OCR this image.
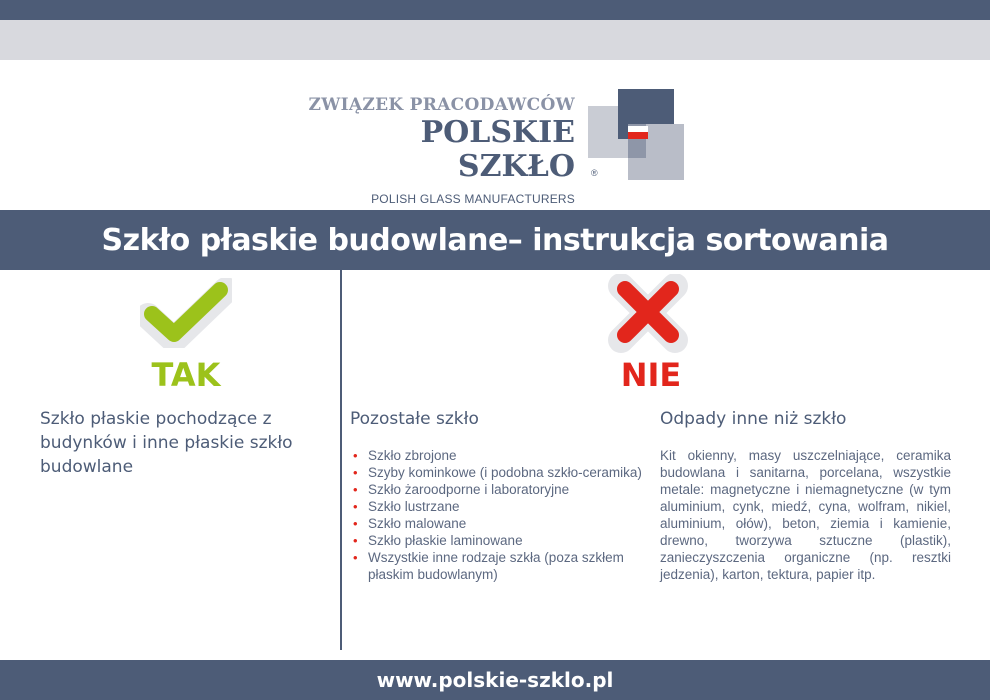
ZWIĄZEK PRACODAWCÓW
POLSKIE SZKŁO
POLISH GLASS MANUFACTURERS
®
Szkło płaskie budowlane– instrukcja sortowania
TAK	NIE
Szkło płaskie pochodzące z budynków i inne płaskie szkło budowlane
Pozostałe szkło	Odpady inne niż szkło
• Szkło zbrojone
• Szyby kominkowe (i podobna szkło-ceramika)
• Szkło żaroodporne i laboratoryjne
• Szkło lustrzane
• Szkło malowane
• Szkło płaskie laminowane
• Wszystkie inne rodzaje szkła (poza szkłem płaskim budowlanym)
Kit okienny, masy uszczelniające, ceramika budowlana i sanitarna, porcelana, wszystkie metale: magnetyczne i niemagnetyczne (w tym aluminium, cynk, miedź, cyna, wolfram, nikiel, aluminium, ołów), beton, ziemia i kamienie, drewno, tworzywa sztuczne (plastik), zanieczyszczenia organiczne (np. resztki jedzenia), karton, tektura, papier itp.
www.polskie-szklo.pl
